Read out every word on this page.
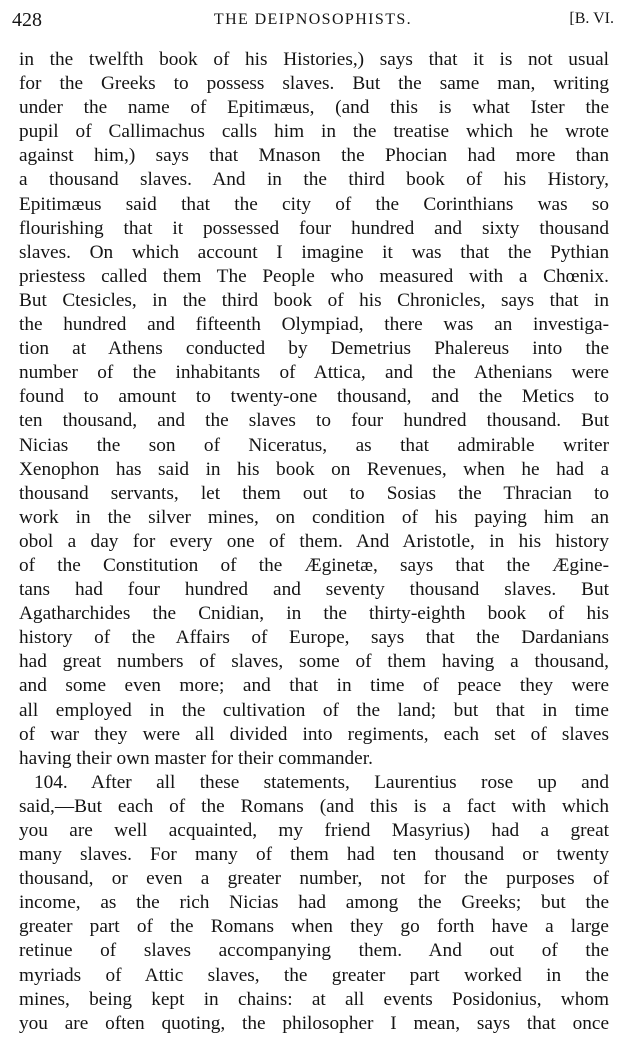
428	THE DEIPNOSOPHISTS.	[B. VI.
in the twelfth book of his Histories,) says that it is not usual
for the Greeks to possess slaves. But the same man, writing
under the name of Epitimæus, (and this is what Ister the
pupil of Callimachus calls him in the treatise which he wrote
against him,) says that Mnason the Phocian had more than
a thousand slaves. And in the third book of his History,
Epitimæus said that the city of the Corinthians was so
flourishing that it possessed four hundred and sixty thousand
slaves. On which account I imagine it was that the Pythian
priestess called them The People who measured with a Chœnix.
But Ctesicles, in the third book of his Chronicles, says that in
the hundred and fifteenth Olympiad, there was an investiga-
tion at Athens conducted by Demetrius Phalereus into the
number of the inhabitants of Attica, and the Athenians were
found to amount to twenty-one thousand, and the Metics to
ten thousand, and the slaves to four hundred thousand. But
Nicias the son of Niceratus, as that admirable writer
Xenophon has said in his book on Revenues, when he had a
thousand servants, let them out to Sosias the Thracian to
work in the silver mines, on condition of his paying him an
obol a day for every one of them. And Aristotle, in his history
of the Constitution of the Æginetæ, says that the Ægine-
tans had four hundred and seventy thousand slaves. But
Agatharchides the Cnidian, in the thirty-eighth book of his
history of the Affairs of Europe, says that the Dardanians
had great numbers of slaves, some of them having a thousand,
and some even more; and that in time of peace they were
all employed in the cultivation of the land; but that in time
of war they were all divided into regiments, each set of slaves
having their own master for their commander.
104. After all these statements, Laurentius rose up and
said,—But each of the Romans (and this is a fact with which
you are well acquainted, my friend Masyrius) had a great
many slaves. For many of them had ten thousand or twenty
thousand, or even a greater number, not for the purposes of
income, as the rich Nicias had among the Greeks; but the
greater part of the Romans when they go forth have a large
retinue of slaves accompanying them. And out of the
myriads of Attic slaves, the greater part worked in the
mines, being kept in chains: at all events Posidonius, whom
you are often quoting, the philosopher I mean, says that once
